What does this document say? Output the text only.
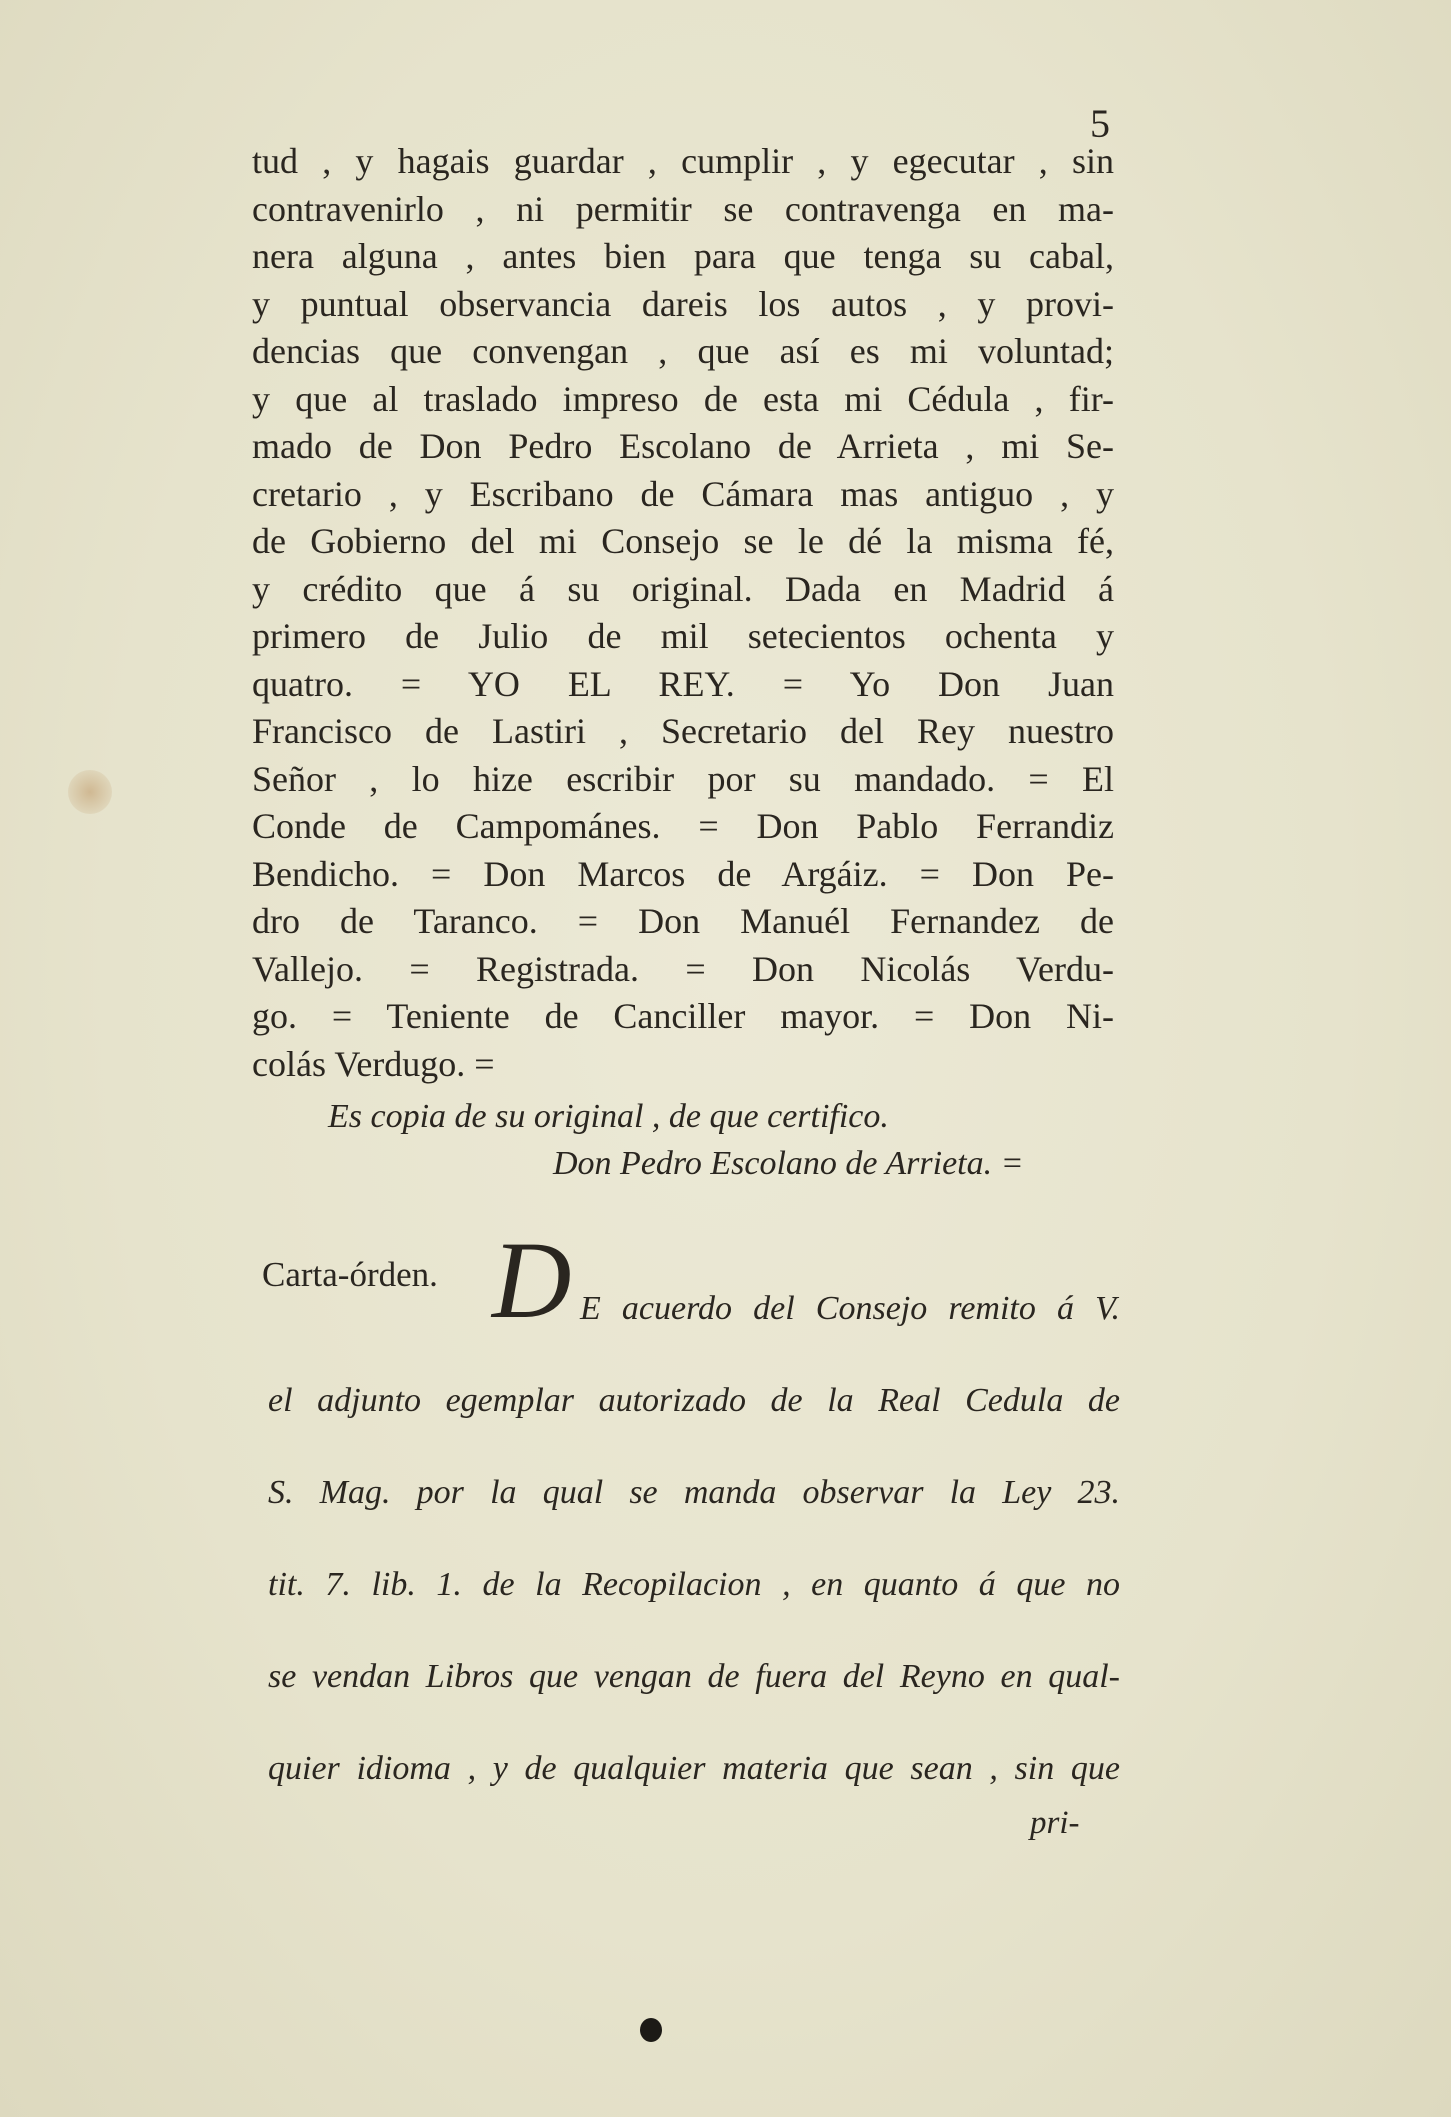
5
tud , y hagais guardar , cumplir , y egecutar , sin
contravenirlo , ni permitir se contravenga en ma-
nera alguna , antes bien para que tenga su cabal,
y puntual observancia dareis los autos , y provi-
dencias que convengan , que así es mi voluntad;
y que al traslado impreso de esta mi Cédula , fir-
mado de Don Pedro Escolano de Arrieta , mi Se-
cretario , y Escribano de Cámara mas antiguo , y
de Gobierno del mi Consejo se le dé la misma fé,
y crédito que á su original. Dada en Madrid á
primero de Julio de mil setecientos ochenta y
quatro. = YO EL REY. = Yo Don Juan
Francisco de Lastiri , Secretario del Rey nuestro
Señor , lo hize escribir por su mandado. = El
Conde de Campománes. = Don Pablo Ferrandiz
Bendicho. = Don Marcos de Argáiz. = Don Pe-
dro de Taranco. = Don Manuél Fernandez de
Vallejo. = Registrada. = Don Nicolás Verdu-
go. = Teniente de Canciller mayor. = Don Ni-
colás Verdugo. =
Es copia de su original , de que certifico.
Don Pedro Escolano de Arrieta. =
Carta-órden. D E acuerdo del Consejo remito á V.
el adjunto egemplar autorizado de la Real Cedula de
S. Mag. por la qual se manda observar la Ley 23.
tit. 7. lib. 1. de la Recopilacion , en quanto á que no
se vendan Libros que vengan de fuera del Reyno en qual-
quier idioma , y de qualquier materia que sean , sin que
pri-
